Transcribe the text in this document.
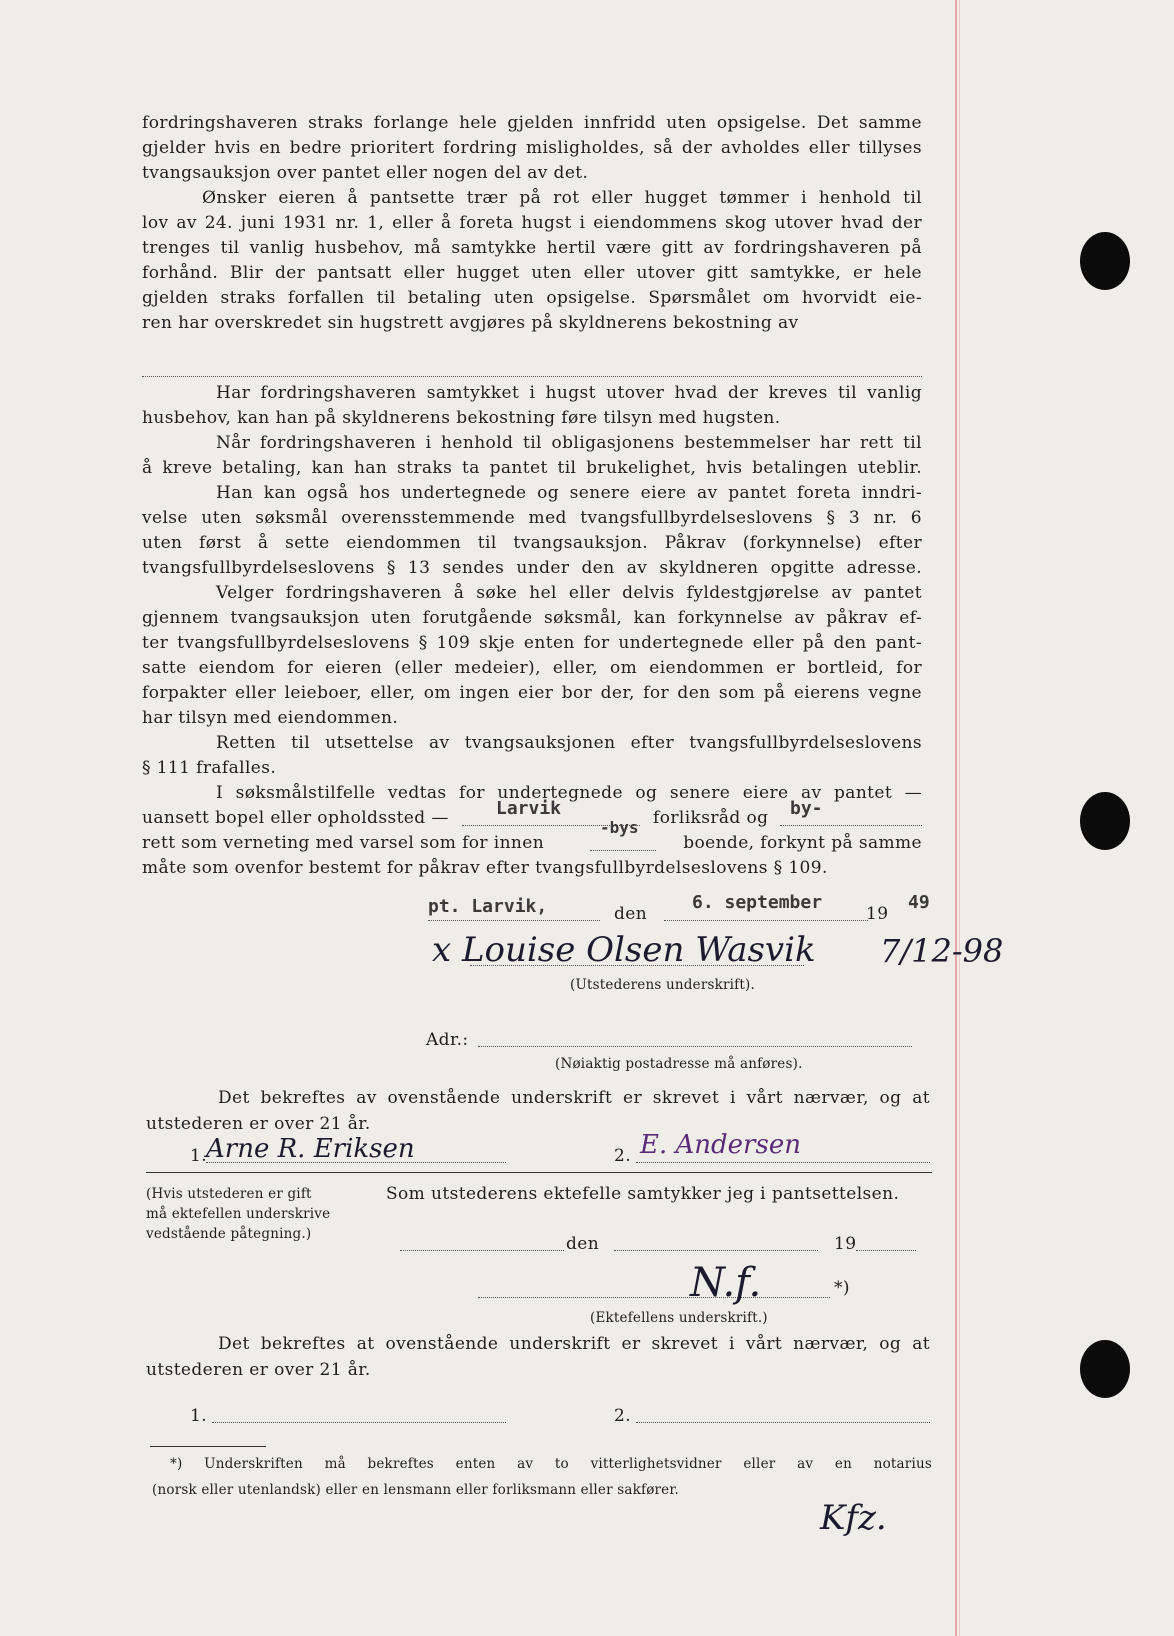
fordringshaveren straks forlange hele gjelden innfridd uten opsigelse. Det samme
gjelder hvis en bedre prioritert fordring misligholdes, så der avholdes eller tillyses
tvangsauksjon over pantet eller nogen del av det.
Ønsker eieren å pantsette trær på rot eller hugget tømmer i henhold til
lov av 24. juni 1931 nr. 1, eller å foreta hugst i eiendommens skog utover hvad der
trenges til vanlig husbehov, må samtykke hertil være gitt av fordringshaveren på
forhånd. Blir der pantsatt eller hugget uten eller utover gitt samtykke, er hele
gjelden straks forfallen til betaling uten opsigelse. Spørsmålet om hvorvidt eie-
ren har overskredet sin hugstrett avgjøres på skyldnerens bekostning av
Har fordringshaveren samtykket i hugst utover hvad der kreves til vanlig
husbehov, kan han på skyldnerens bekostning føre tilsyn med hugsten.
Når fordringshaveren i henhold til obligasjonens bestemmelser har rett til
å kreve betaling, kan han straks ta pantet til brukelighet, hvis betalingen uteblir.
Han kan også hos undertegnede og senere eiere av pantet foreta inndri-
velse uten søksmål overensstemmende med tvangsfullbyrdelseslovens § 3 nr. 6
uten først å sette eiendommen til tvangsauksjon. Påkrav (forkynnelse) efter
tvangsfullbyrdelseslovens § 13 sendes under den av skyldneren opgitte adresse.
Velger fordringshaveren å søke hel eller delvis fyldestgjørelse av pantet
gjennem tvangsauksjon uten forutgående søksmål, kan forkynnelse av påkrav ef-
ter tvangsfullbyrdelseslovens § 109 skje enten for undertegnede eller på den pant-
satte eiendom for eieren (eller medeier), eller, om eiendommen er bortleid, for
forpakter eller leieboer, eller, om ingen eier bor der, for den som på eierens vegne
har tilsyn med eiendommen.
Retten til utsettelse av tvangsauksjonen efter tvangsfullbyrdelseslovens
§ 111 frafalles.
I søksmålstilfelle vedtas for undertegnede og senere eiere av pantet —
uansett bopel eller opholdssted —	Larvik	forliksråd og by-
rett som verneting med varsel som for innen
-bys
boende, forkynt på samme
måte som ovenfor bestemt for påkrav efter tvangsfullbyrdelseslovens § 109.
pt. Larvik,	den
6. september
19
49
x Louise Olsen Wasvik 7/12-98
(Utstederens underskrift).
Adr.:
(Nøiaktig postadresse må anføres).
Det bekreftes av ovenstående underskrift er skrevet i vårt nærvær, og at
utstederen er over 21 år.
1.
Arne R. Eriksen	2. E. Andersen
(Hvis utstederen er gift
må ektefellen underskrive
vedstående påtegning.)
Som utstederens ektefelle samtykker jeg i pantsettelsen.
den	19
*)
N.f.
(Ektefellens underskrift.)
Det bekreftes at ovenstående underskrift er skrevet i vårt nærvær, og at
utstederen er over 21 år.
1.	2.
*) Underskriften må bekreftes enten av to vitterlighetsvidner eller av en notarius
(norsk eller utenlandsk) eller en lensmann eller forliksmann eller sakfører.
Kfz.
